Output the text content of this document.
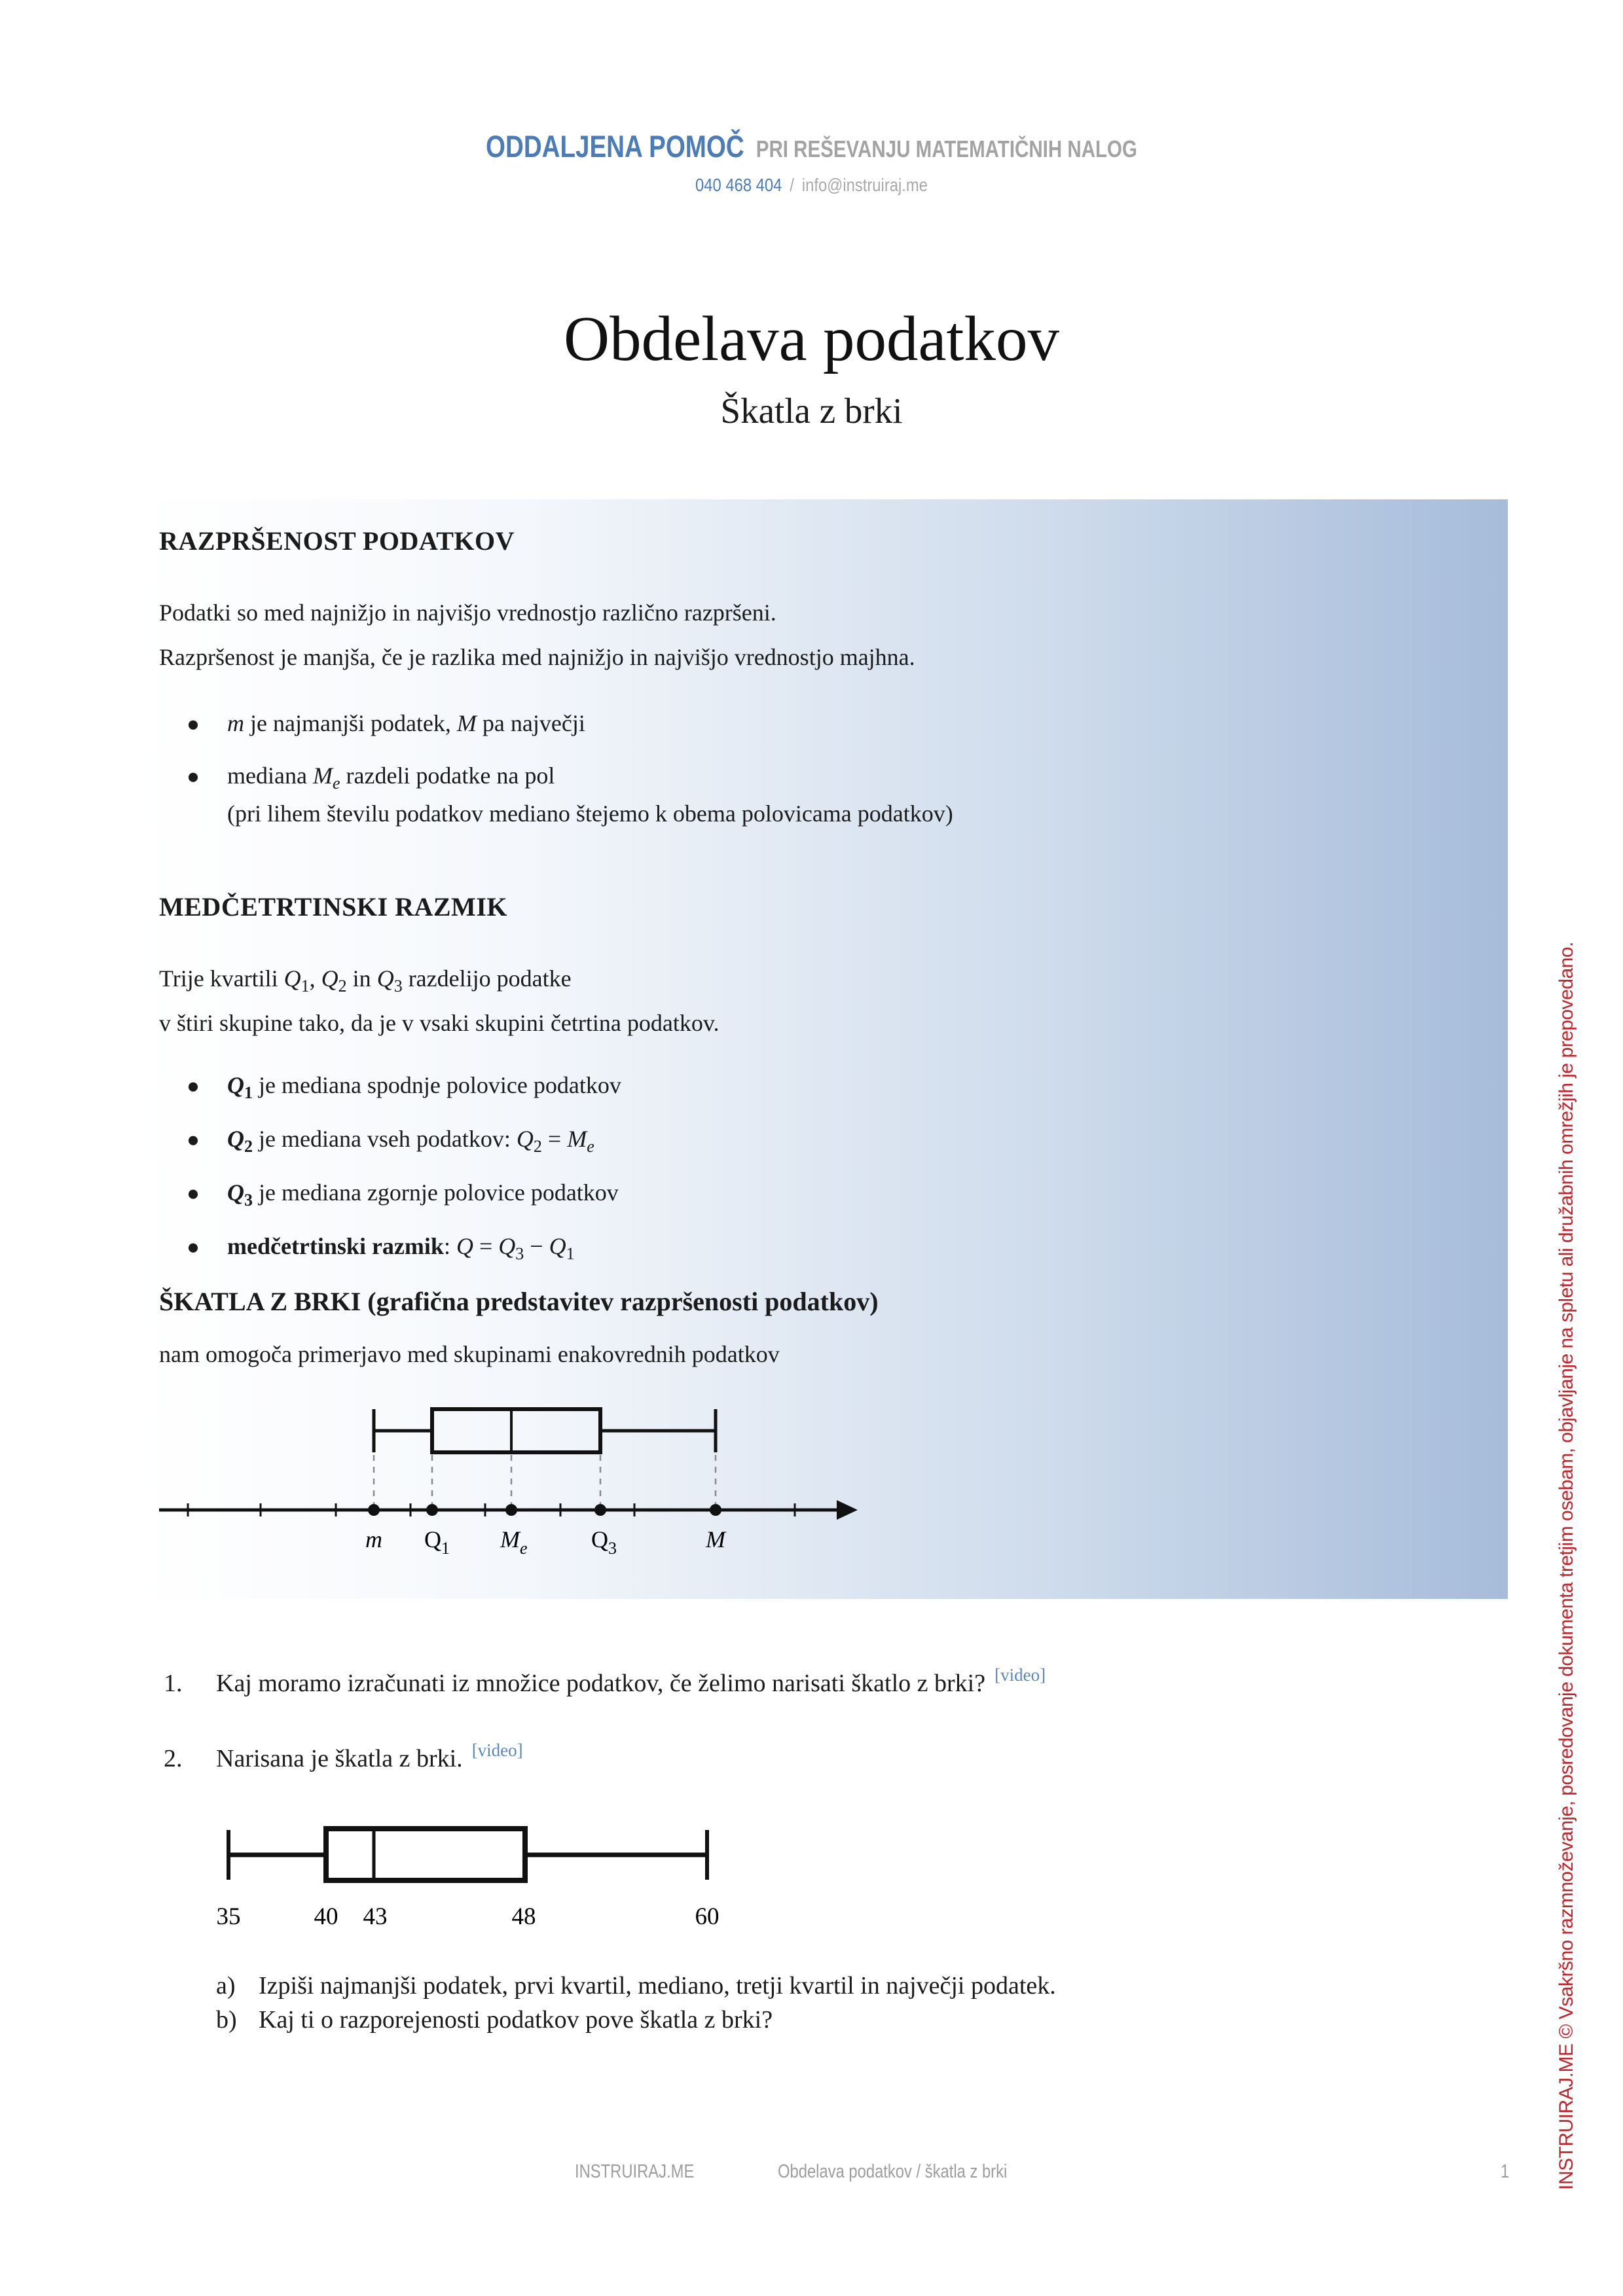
ODDALJENA POMOČ PRI REŠEVANJU MATEMATIČNIH NALOG
040 468 404 / info@instruiraj.me
Obdelava podatkov
Škatla z brki
RAZPRŠENOST PODATKOV
Podatki so med najnižjo in najvišjo vrednostjo različno razpršeni.
Razpršenost je manjša, če je razlika med najnižjo in najvišjo vrednostjo majhna.
●	m je najmanjši podatek, M pa največji
●	mediana $M_e$ razdeli podatke na pol
(pri lihem številu podatkov mediano štejemo k obema polovicama podatkov)
MEDČETRTINSKI RAZMIK
Trije kvartili $Q_1$, $Q_2$ in $Q_3$ razdelijo podatke
v štiri skupine tako, da je v vsaki skupini četrtina podatkov.
●	$Q_1$ je mediana spodnje polovice podatkov
●	$Q_2$ je mediana vseh podatkov: $Q_2 = M_e$
●	$Q_3$ je mediana zgornje polovice podatkov
●	medčetrtinski razmik: $Q = Q_3 - Q_1$
ŠKATLA Z BRKI (grafična predstavitev razpršenosti podatkov)
nam omogoča primerjavo med skupinami enakovrednih podatkov
m $Q_1$ $M_e$	$Q_3$	M
1.	Kaj moramo izračunati iz množice podatkov, če želimo narisati škatlo z brki? [video]
2.	Narisana je škatla z brki. [video]
35	40 43	48	60
a) Izpiši najmanjši podatek, prvi kvartil, mediano, tretji kvartil in največji podatek.
b) Kaj ti o razporejenosti podatkov pove škatla z brki?
INSTRUIRAJ.ME	Obdelava podatkov / škatla z brki	1 INSTRUIRAJ.ME © Vsakršno razmnoževanje, posredovanje dokumenta tretjim osebam, objavljanje na spletu ali družabnih omrežjih je prepovedano.
